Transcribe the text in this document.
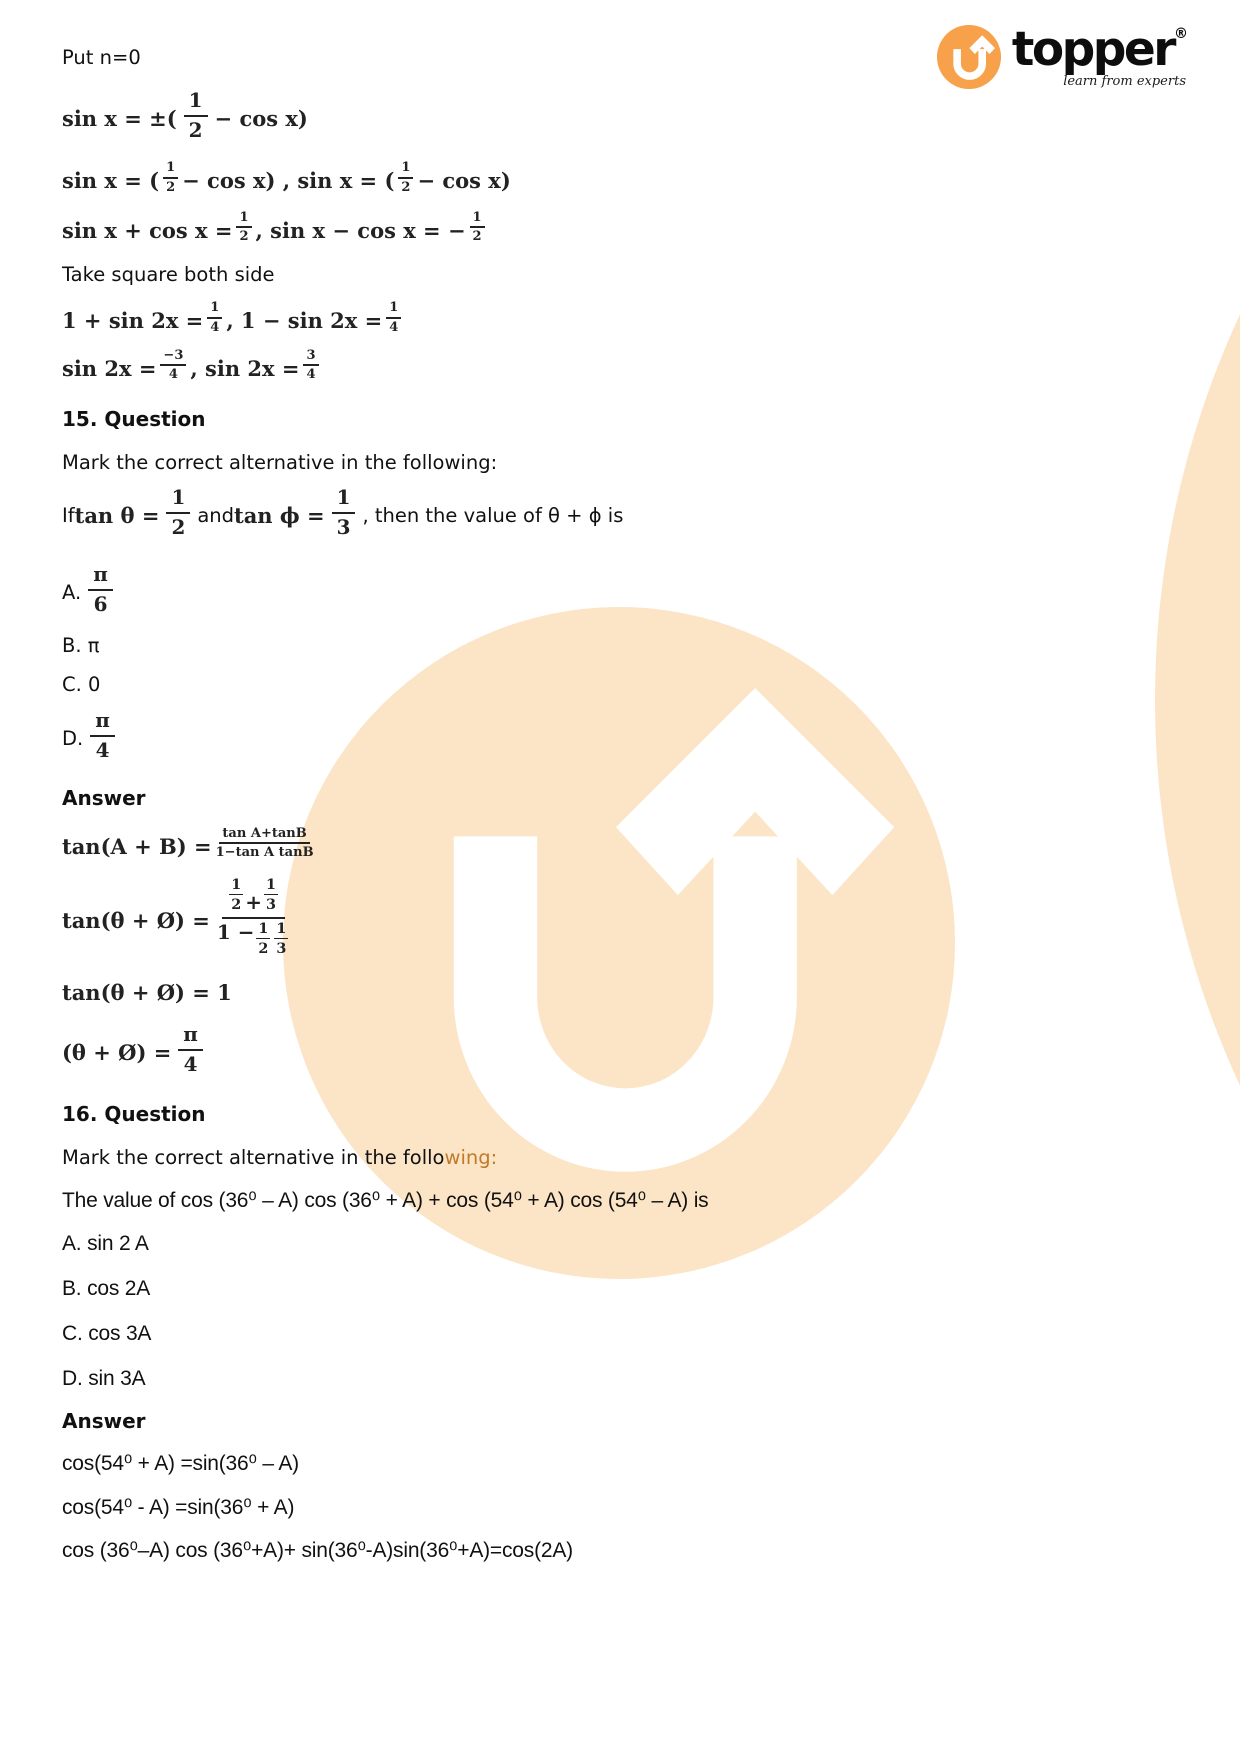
topper®
learn from experts

Put n=0

sin x = ±( $\frac{1}{2} - \cos x$)
sin x = ( $\frac{1}{2} - \cos x$) , sin x = ( $\frac{1}{2} - \cos x$)
$\sin x + \cos x = \frac{1}{2}$ , sin x − cos x = − $\frac{1}{2}$

Take square both side

$1 + \sin 2x = \frac{1}{4}$ , $1 - \sin 2x = \frac{1}{4}$
$\sin 2x = \frac{-3}{4}$ , $\sin 2x = \frac{3}{4}$
15. Question

Mark the correct alternative in the following:

If $\tan \theta = \frac{1}{2}$ and $\tan \phi = \frac{1}{3}$ , then the value of θ + ϕ is
A. $\frac{\pi}{6}$

B. π

C. 0

D. $\frac{\pi}{4}$
Answer
$\tan(A + B) = \frac{\text{tan A+tanB}}{\text{1−tan A tanB}}$
tan(θ + Ø) = $\frac{\frac{1}{2} + \frac{1}{3}}{1 - \frac{1}{2} \frac{1}{3}}$
tan(θ + Ø) = 1
(θ + Ø) = $\frac{\pi}{4}$
16. Question

Mark the correct alternative in the following:

The value of cos (36⁰ – A) cos (36⁰ + A) + cos (54⁰ + A) cos (54⁰ – A) is

A. sin 2 A

B. cos 2A

C. cos 3A

D. sin 3A

Answer

cos(54⁰ + A) =sin(36⁰ – A)

cos(54⁰ - A) =sin(36⁰ + A)

cos (36⁰–A) cos (36⁰+A)+ sin(36⁰-A)sin(36⁰+A)=cos(2A)
